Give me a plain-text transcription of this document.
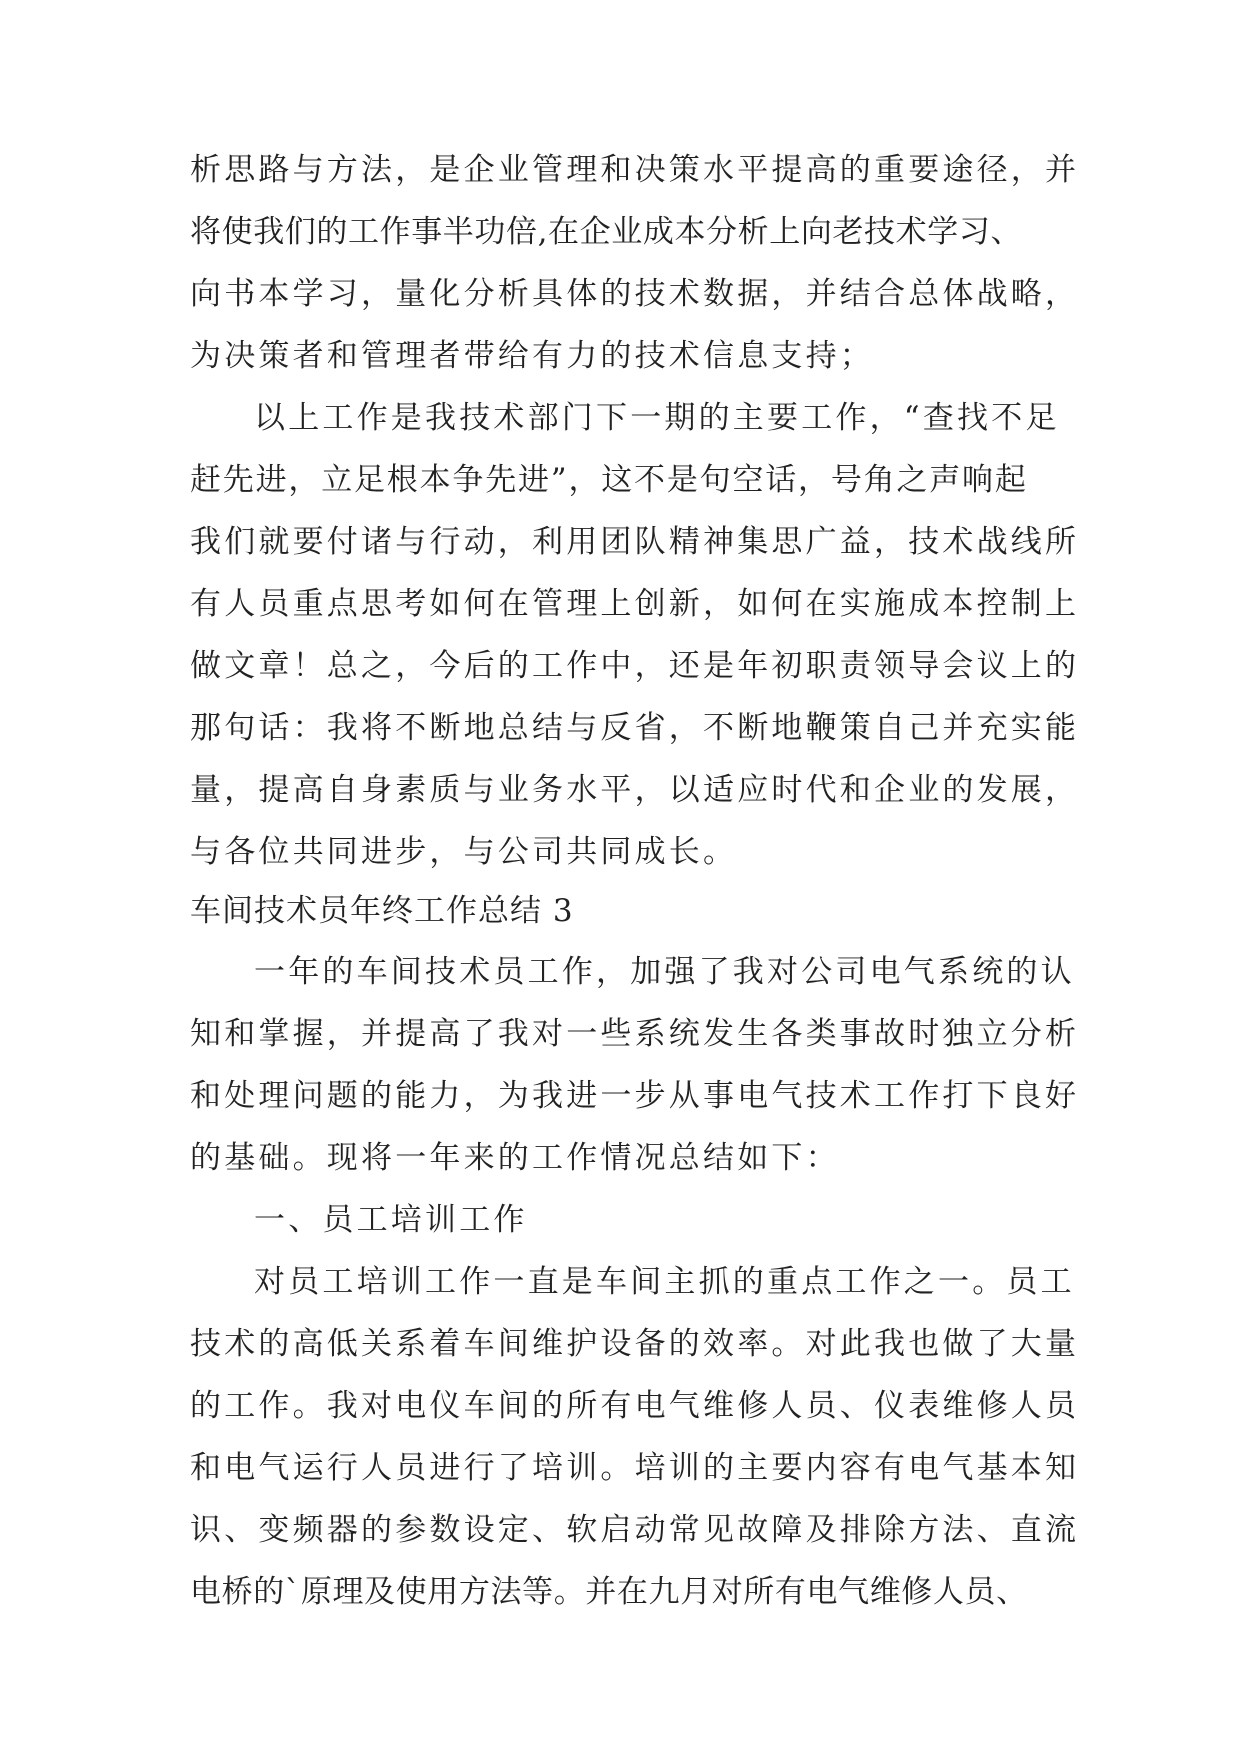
析思路与方法，是企业管理和决策水平提高的重要途径，并
将使我们的工作事半功倍,在企业成本分析上向老技术学习、
向书本学习，量化分析具体的技术数据，并结合总体战略，
为决策者和管理者带给有力的技术信息支持；
以上工作是我技术部门下一期的主要工作，“查找不足
赶先进，立足根本争先进”，这不是句空话，号角之声响起
我们就要付诸与行动，利用团队精神集思广益，技术战线所
有人员重点思考如何在管理上创新，如何在实施成本控制上
做文章！总之，今后的工作中，还是年初职责领导会议上的
那句话：我将不断地总结与反省，不断地鞭策自己并充实能
量，提高自身素质与业务水平，以适应时代和企业的发展，
与各位共同进步，与公司共同成长。
车间技术员年终工作总结 3
一年的车间技术员工作，加强了我对公司电气系统的认
知和掌握，并提高了我对一些系统发生各类事故时独立分析
和处理问题的能力，为我进一步从事电气技术工作打下良好
的基础。现将一年来的工作情况总结如下：
一、员工培训工作
对员工培训工作一直是车间主抓的重点工作之一。员工
技术的高低关系着车间维护设备的效率。对此我也做了大量
的工作。我对电仪车间的所有电气维修人员、仪表维修人员
和电气运行人员进行了培训。培训的主要内容有电气基本知
识、变频器的参数设定、软启动常见故障及排除方法、直流
电桥的`原理及使用方法等。并在九月对所有电气维修人员、
